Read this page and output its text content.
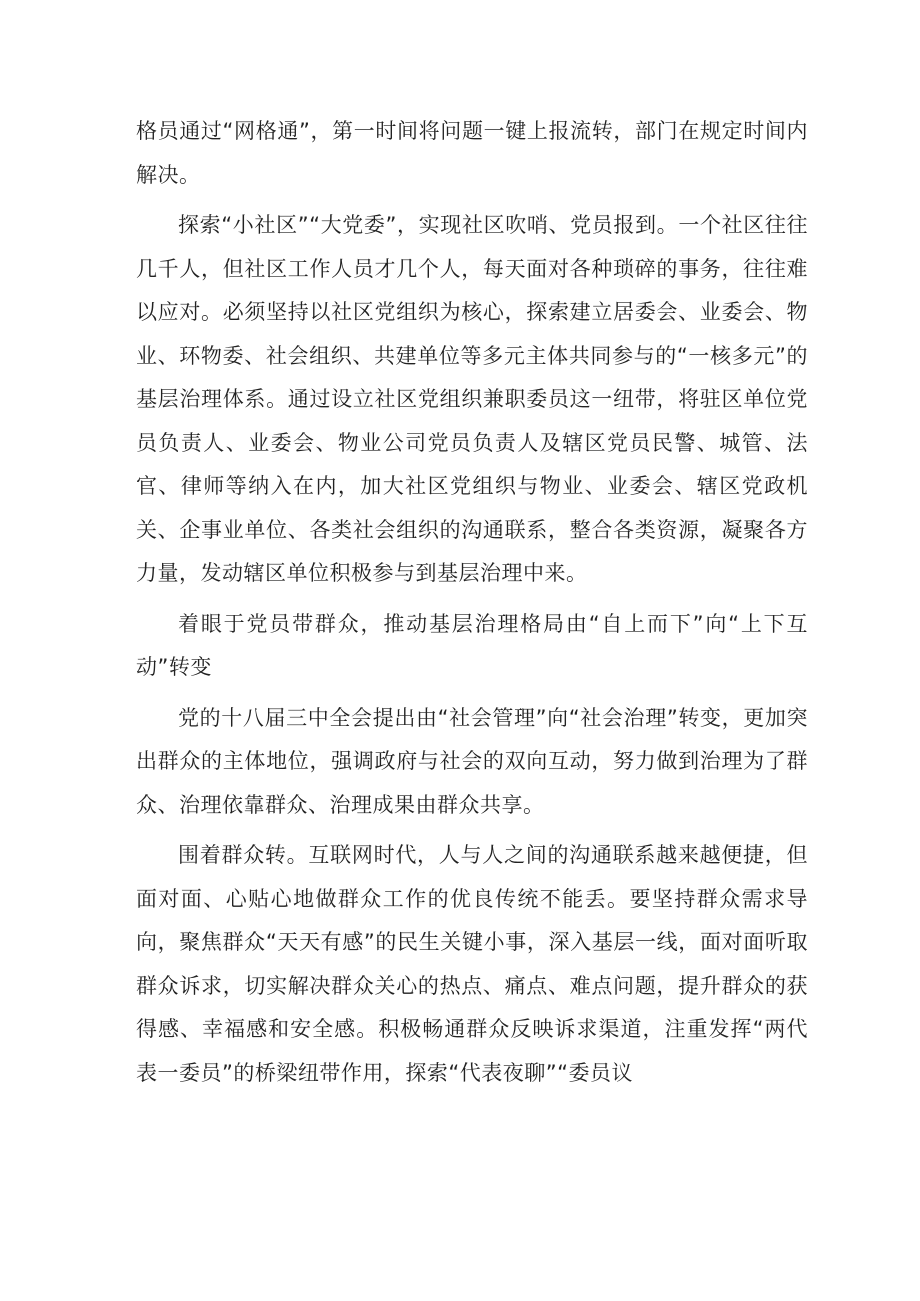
格员通过“网格通”，第一时间将问题一键上报流转，部门在规定时间内解决。

探索“小社区”“大党委”，实现社区吹哨、党员报到。一个社区往往几千人，但社区工作人员才几个人，每天面对各种琐碎的事务，往往难以应对。必须坚持以社区党组织为核心，探索建立居委会、业委会、物业、环物委、社会组织、共建单位等多元主体共同参与的“一核多元”的基层治理体系。通过设立社区党组织兼职委员这一纽带，将驻区单位党员负责人、业委会、物业公司党员负责人及辖区党员民警、城管、法官、律师等纳入在内，加大社区党组织与物业、业委会、辖区党政机关、企事业单位、各类社会组织的沟通联系，整合各类资源，凝聚各方力量，发动辖区单位积极参与到基层治理中来。

着眼于党员带群众，推动基层治理格局由“自上而下”向“上下互动”转变

党的十八届三中全会提出由“社会管理”向“社会治理”转变，更加突出群众的主体地位，强调政府与社会的双向互动，努力做到治理为了群众、治理依靠群众、治理成果由群众共享。

围着群众转。互联网时代，人与人之间的沟通联系越来越便捷，但面对面、心贴心地做群众工作的优良传统不能丢。要坚持群众需求导向，聚焦群众“天天有感”的民生关键小事，深入基层一线，面对面听取群众诉求，切实解决群众关心的热点、痛点、难点问题，提升群众的获得感、幸福感和安全感。积极畅通群众反映诉求渠道，注重发挥“两代表一委员”的桥梁纽带作用，探索“代表夜聊”“委员议
